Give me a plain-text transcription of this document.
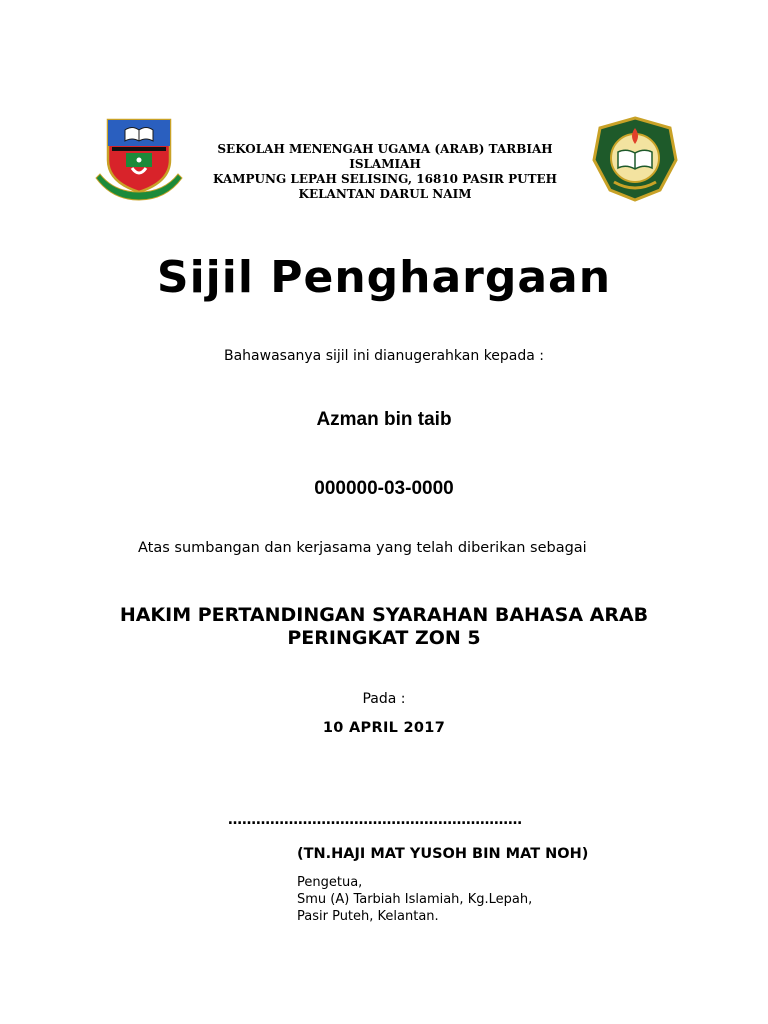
SEKOLAH MENENGAH UGAMA (ARAB) TARBIAH ISLAMIAH
KAMPUNG LEPAH SELISING, 16810 PASIR PUTEH
KELANTAN DARUL NAIM
Sijil Penghargaan
Bahawasanya sijil ini dianugerahkan kepada :
Azman bin taib
000000-03-0000
Atas sumbangan dan kerjasama yang telah diberikan sebagai
HAKIM PERTANDINGAN SYARAHAN BAHASA ARAB
PERINGKAT ZON 5
Pada :
10 APRIL 2017
………………………………………………………
(TN.HAJI MAT YUSOH BIN MAT NOH)
Pengetua,
Smu (A) Tarbiah Islamiah, Kg.Lepah,
Pasir Puteh, Kelantan.
